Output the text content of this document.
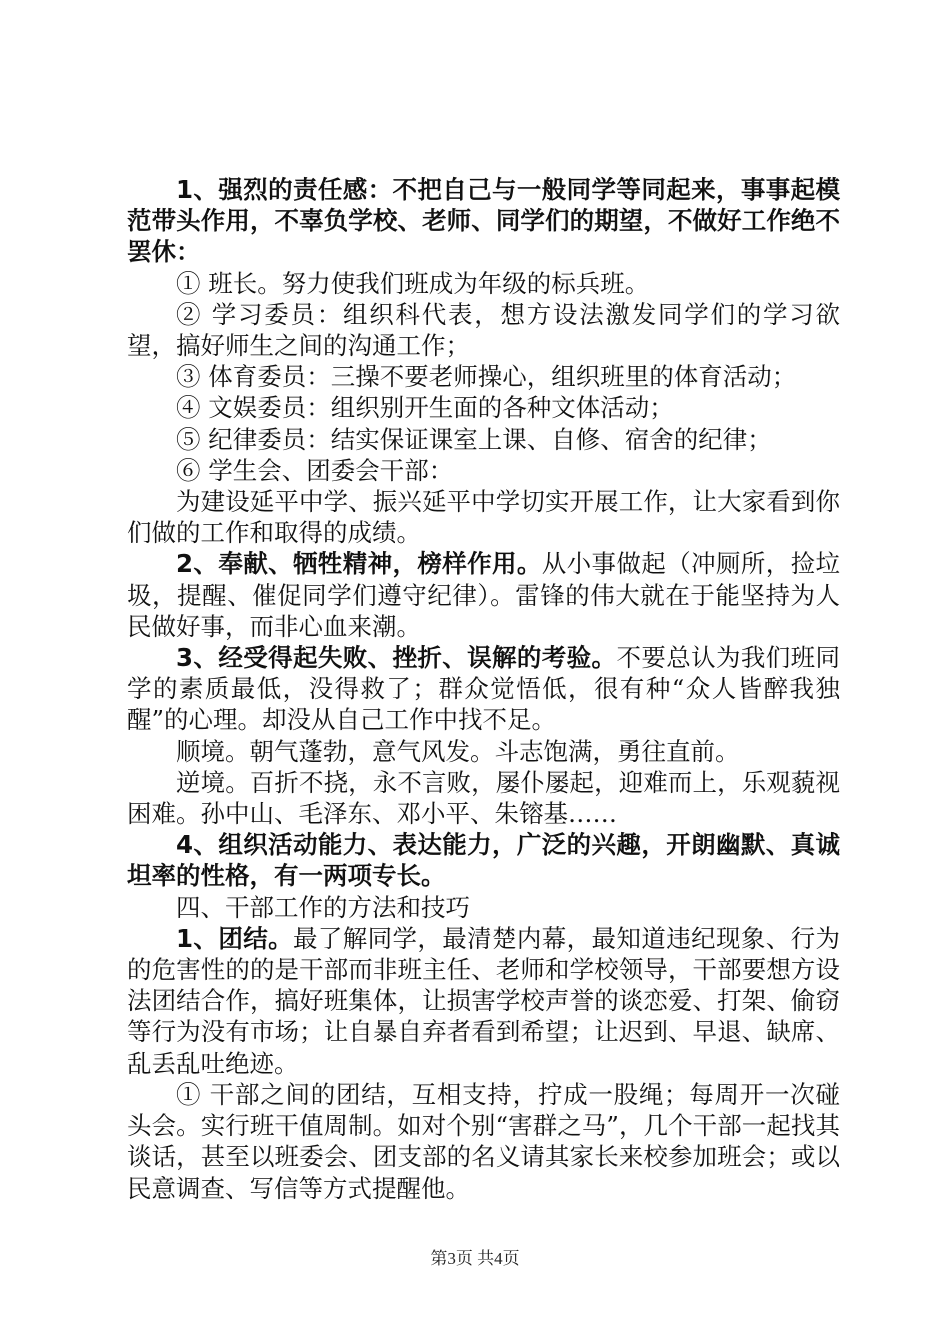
1、强烈的责任感：不把自己与一般同学等同起来，事事起模范带头作用，不辜负学校、老师、同学们的期望，不做好工作绝不罢休：

① 班长。努力使我们班成为年级的标兵班。

② 学习委员：组织科代表，想方设法激发同学们的学习欲望，搞好师生之间的沟通工作；

③ 体育委员：三操不要老师操心，组织班里的体育活动；

④ 文娱委员：组织别开生面的各种文体活动；

⑤ 纪律委员：结实保证课室上课、自修、宿舍的纪律；

⑥ 学生会、团委会干部：

为建设延平中学、振兴延平中学切实开展工作，让大家看到你们做的工作和取得的成绩。

2、奉献、牺牲精神，榜样作用。从小事做起（冲厕所，捡垃圾，提醒、催促同学们遵守纪律）。雷锋的伟大就在于能坚持为人民做好事，而非心血来潮。

3、经受得起失败、挫折、误解的考验。不要总认为我们班同学的素质最低，没得救了；群众觉悟低，很有种“众人皆醉我独醒”的心理。却没从自己工作中找不足。

顺境。朝气蓬勃，意气风发。斗志饱满，勇往直前。

逆境。百折不挠，永不言败，屡仆屡起，迎难而上，乐观藐视困难。孙中山、毛泽东、邓小平、朱镕基……

4、组织活动能力、表达能力，广泛的兴趣，开朗幽默、真诚坦率的性格，有一两项专长。

四、干部工作的方法和技巧

1、团结。最了解同学，最清楚内幕，最知道违纪现象、行为的危害性的的是干部而非班主任、老师和学校领导，干部要想方设法团结合作，搞好班集体，让损害学校声誉的谈恋爱、打架、偷窃等行为没有市场；让自暴自弃者看到希望；让迟到、早退、缺席、乱丢乱吐绝迹。

① 干部之间的团结，互相支持，拧成一股绳；每周开一次碰头会。实行班干值周制。如对个别“害群之马”，几个干部一起找其谈话，甚至以班委会、团支部的名义请其家长来校参加班会；或以民意调查、写信等方式提醒他。

第3页 共4页
